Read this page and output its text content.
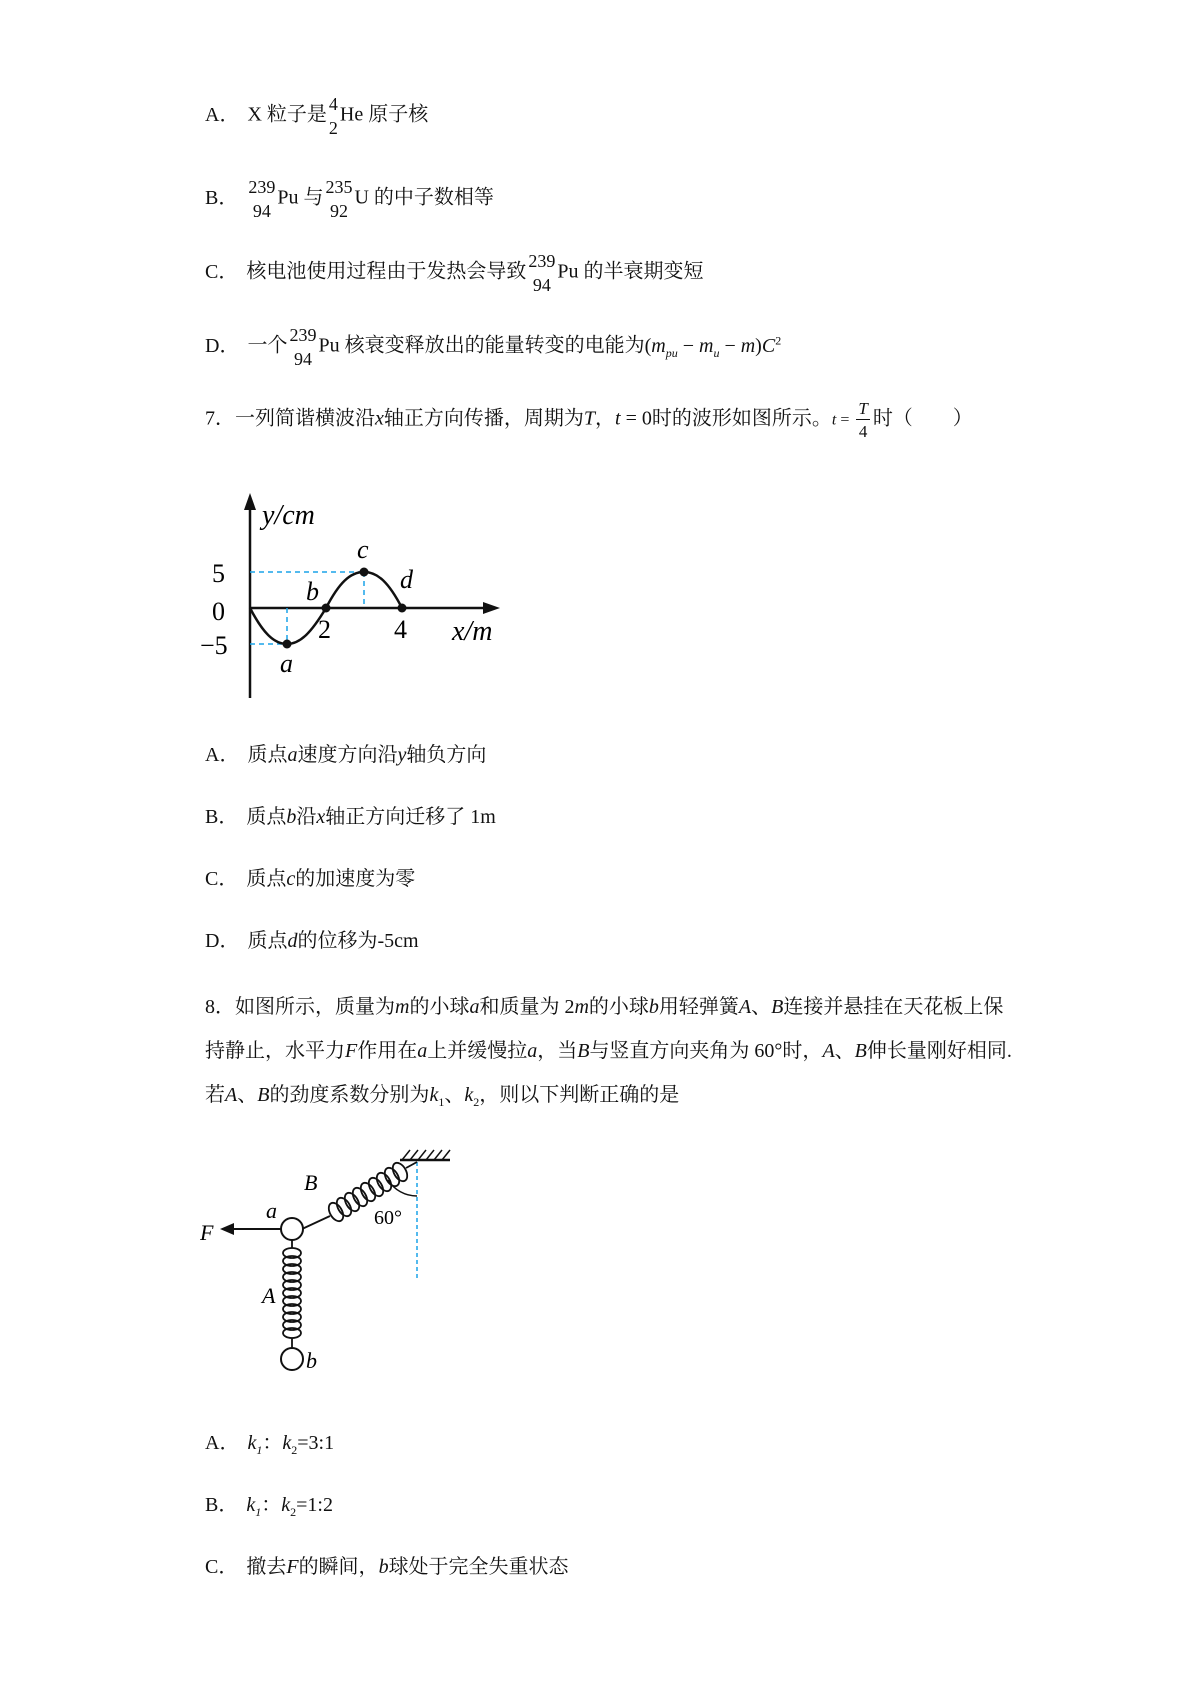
A． X 粒子是 4
2
He 原子核
B． 239
94
Pu 与 235
92
U 的中子数相等
C． 核电池使用过程由于发热会导致 239
94
Pu 的半衰期变短
D． 一个 239
94
Pu 核衰变释放出的能量转变的电能为$(m_{pu} - m_u - m)C^2$
7．一列简谐横波沿x轴正方向传播，周期为T，t = 0时的波形如图所示。$t = \frac{T}{4}$ 时（　　）
y/cm
x/m
5
0
−5
2 4
a
b
c
d
A． 质点a速度方向沿y轴负方向
B． 质点b沿x轴正方向迁移了 1m
C． 质点c的加速度为零
D． 质点d的位移为-5cm
8．如图所示，质量为m的小球a和质量为 2m的小球b用轻弹簧A、B连接并悬挂在天花板上保持静止，水平力F作用在a上并缓慢拉a，当B与竖直方向夹角为 60°时，A、B伸长量刚好相同.若A、B的劲度系数分别为$k_1$、$k_2$，则以下判断正确的是
60°
F
a
B
A
b
A． $k_1$：$k_2=3:1$
B． $k_1$：$k_2=1:2$
C． 撤去F的瞬间，b球处于完全失重状态
